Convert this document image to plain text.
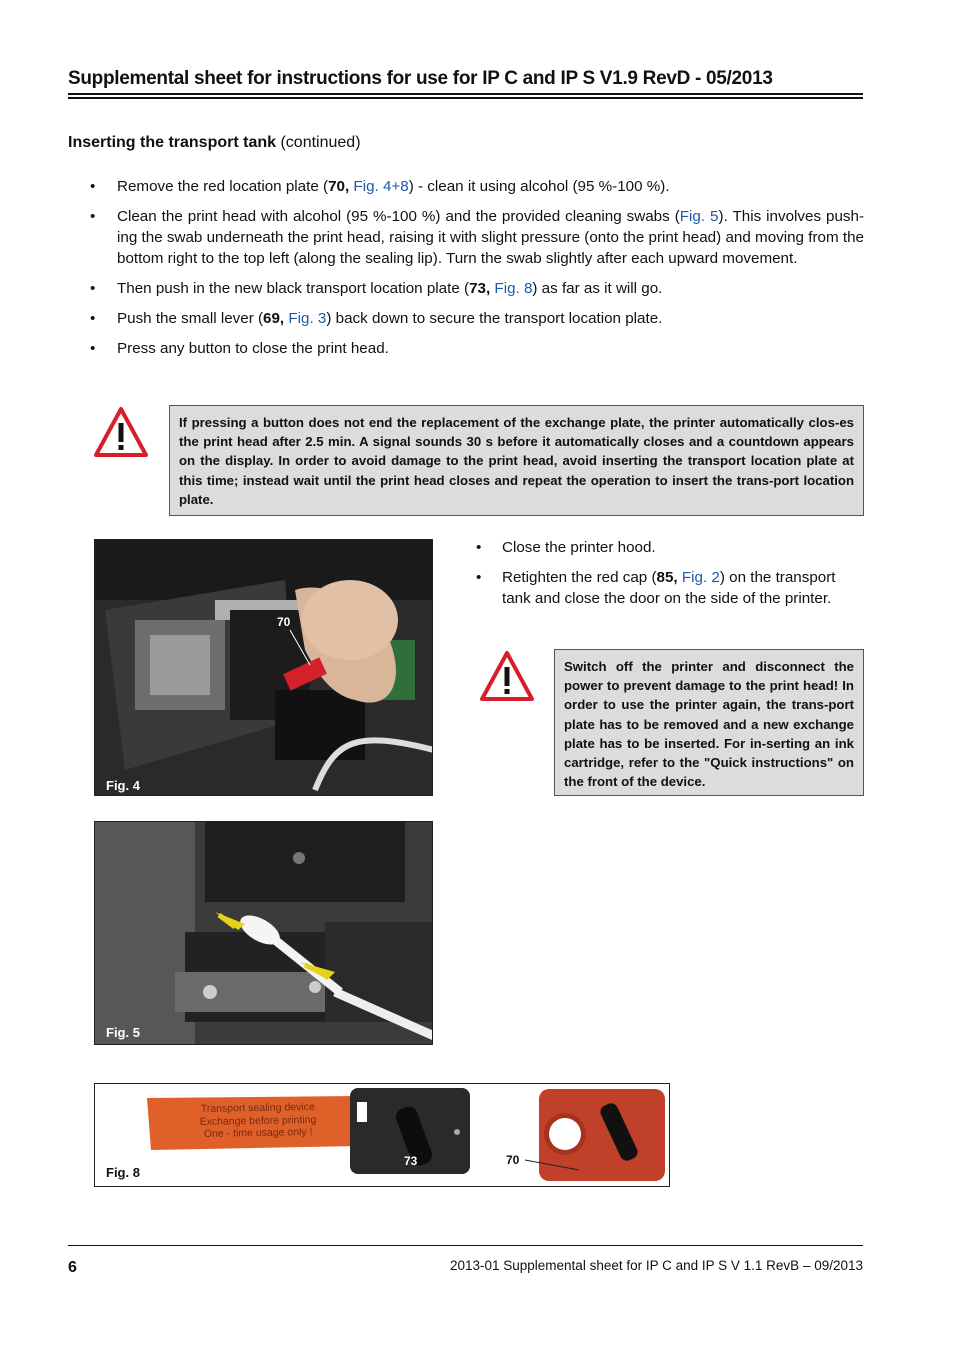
Supplemental sheet for instructions for use for IP C and IP S V1.9 RevD - 05/2013
Inserting the transport tank (continued)
• Remove the red location plate (70, Fig. 4+8) - clean it using alcohol (95 %-100 %).
• Clean the print head with alcohol (95 %-100 %) and the provided cleaning swabs (Fig. 5). This involves push-ing the swab underneath the print head, raising it with slight pressure (onto the print head) and moving from the bottom right to the top left (along the sealing lip). Turn the swab slightly after each upward movement.
• Then push in the new black transport location plate (73, Fig. 8) as far as it will go.
• Push the small lever (69, Fig. 3) back down to secure the transport location plate.
• Press any button to close the print head.
If pressing a button does not end the replacement of the exchange plate, the printer automatically clos-es the print head after 2.5 min. A signal sounds 30 s before it automatically closes and a countdown appears on the display. In order to avoid damage to the print head, avoid inserting the transport location plate at this time; instead wait until the print head closes and repeat the operation to insert the trans-port location plate.
70
Fig. 4
• Close the printer hood.
• Retighten the red cap (85, Fig. 2) on the transport tank and close the door on the side of the printer.
Switch off the printer and disconnect the power to prevent damage to the print head! In order to use the printer again, the trans-port plate has to be removed and a new exchange plate has to be inserted. For in-serting an ink cartridge, refer to the "Quick instructions" on the front of the device.
Fig. 5
Transport sealing device
Exchange before printing
One - time usage only !
73	70
Fig. 8
6	2013-01 Supplemental sheet for IP C and IP S V 1.1 RevB – 09/2013
